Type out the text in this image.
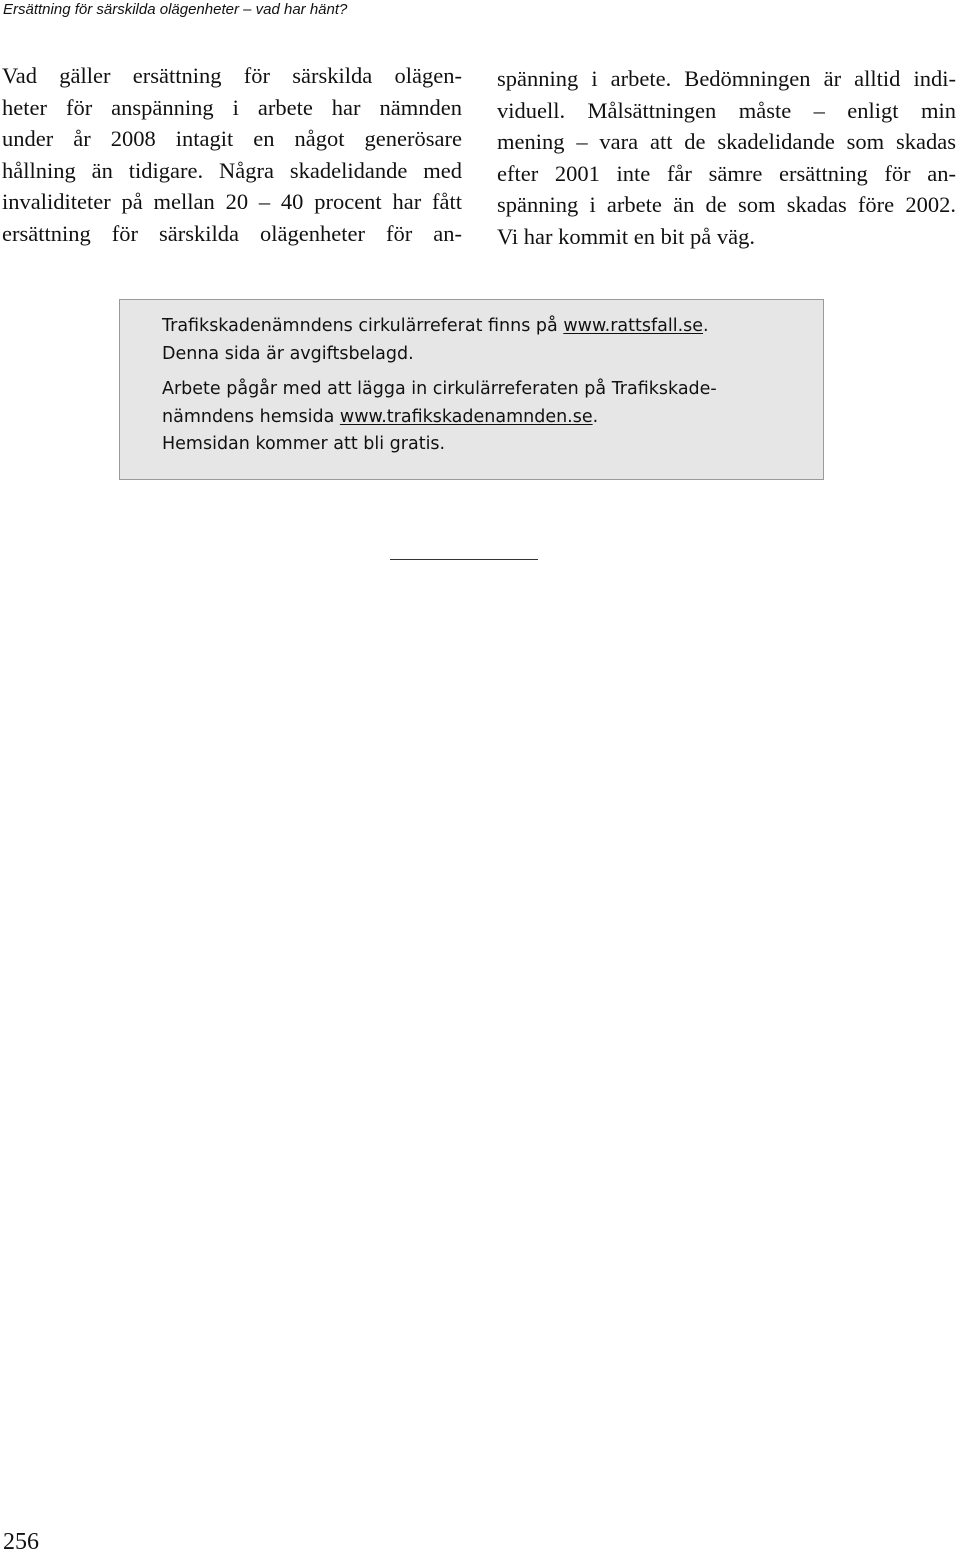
Ersättning för särskilda olägenheter – vad har hänt?
Vad gäller ersättning för särskilda olägen-
heter för anspänning i arbete har nämnden
under år 2008 intagit en något generösare
hållning än tidigare. Några skadelidande med
invaliditeter på mellan 20 – 40 procent har fått
ersättning för särskilda olägenheter för an-
spänning i arbete. Bedömningen är alltid indi-
viduell. Målsättningen måste – enligt min
mening – vara att de skadelidande som skadas
efter 2001 inte får sämre ersättning för an-
spänning i arbete än de som skadas före 2002.
Vi har kommit en bit på väg.
Trafikskadenämndens cirkulärreferat finns på www.rattsfall.se.
Denna sida är avgiftsbelagd.
Arbete pågår med att lägga in cirkulärreferaten på Trafikskade-
nämndens hemsida www.trafikskadenamnden.se.
Hemsidan kommer att bli gratis.
256
